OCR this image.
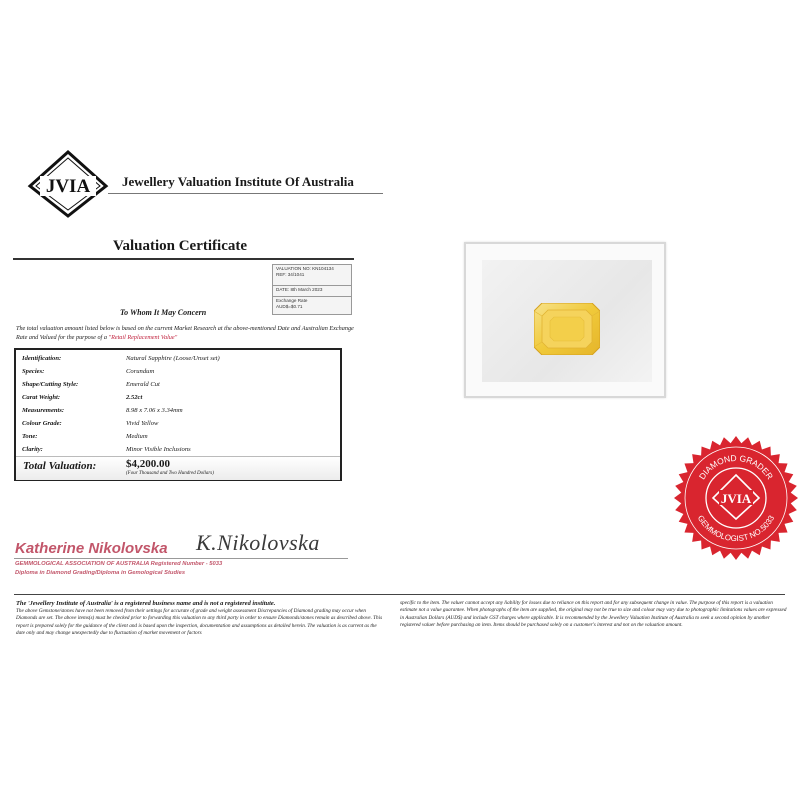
JVIA Jewellery Valuation Institute Of Australia
Valuation Certificate
VALUATION NO: KN104134
REF: 34/1041
DATE: 8th March 2023
Exchange Rate
AUD$=$0.71
To Whom It May Concern
The total valuation amount listed below is based on the current Market Research at the above-mentioned Date and Australian Exchange Rate and Valued for the purpose of a "Retail Replacement Value"
Identification:	Natural Sapphire (Loose/Unset set)
Species:	Corundum
Shape/Cutting Style:	Emerald Cut
Carat Weight:	2.52ct
Measurements:	8.98 x 7.06 x 3.34mm
Colour Grade:	Vivid Yellow
Tone:	Medium
Clarity:	Minor Visible Inclusions
Total Valuation:	$4,200.00
(Four Thousand and Two Hundred Dollars)	DIAMOND GRADER
GEMMOLOGIST NO.5033
JVIA
Katherine Nikolovska K.Nikolovska
GEMMOLOGICAL ASSOCIATION OF AUSTRALIA Registered Number - 5033
Diploma in Diamond Grading/Diploma in Gemological Studies
The 'Jewellery Institute of Australia' is a registered business name and is not a registered institute.
The above Gemstone/stones have not been removed from their settings for accurate of grade and weight assessment Discrepancies of Diamond grading may occur when Diamonds are set. The above items(s) must be checked prior to forwarding this valuation to any third party in order to ensure Diamonds/stones remain as described above. This report is prepared solely for the guidance of the client and is based upon the inspection, documentation and assumptions as detailed herein. The valuation is as current as the date only and may change unexpectedly due to fluctuation of market movement or factors
specific to the item. The valuer cannot accept any liability for losses due to reliance on this report and for any subsequent change in value. The purpose of this report is a valuation estimate not a value guarantee. When photographs of the item are supplied, the original may not be true to size and colour may vary due to photographic limitations values are expressed in Australian Dollars (AUD$) and include GST charges where applicable. It is recommended by the Jewellery Valuation Institute of Australia to seek a second opinion by another registered valuer before purchasing an item. Items should be purchased solely on a customer's interest and not on the valuation amount.
